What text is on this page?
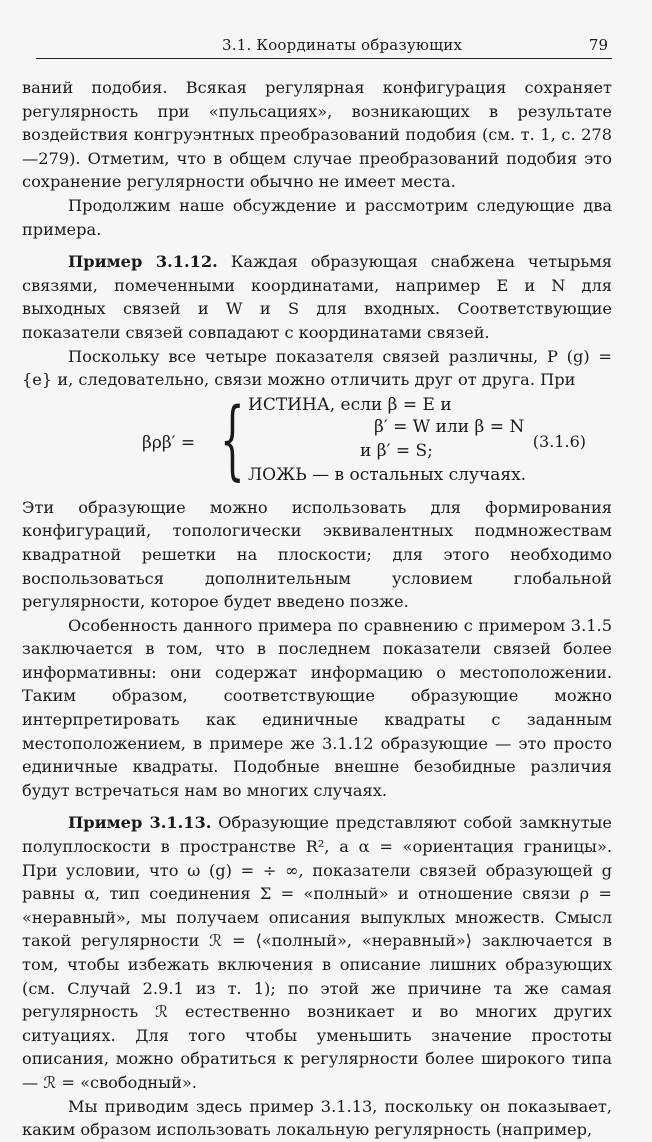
3.1. Координаты образующих	79

ваний подобия. Всякая регулярная конфигурация сохраняет регулярность при «пульсациях», возникающих в результате воздействия конгруэнтных преобразований подобия (см. т. 1, с. 278—279). Отметим, что в общем случае преобразований подобия это сохранение регулярности обычно не имеет места.

Продолжим наше обсуждение и рассмотрим следующие два примера.

Пример 3.1.12. Каждая образующая снабжена четырьмя связями, помеченными координатами, например E и N для выходных связей и W и S для входных. Соответствующие показатели связей совпадают с координатами связей.

Поскольку все четыре показателя связей различны, P (g) = {e} и, следовательно, связи можно отличить друг от друга. При

βρβ′ = { ИСТИНА, если β = E и
β′ = W или β = N
и β′ = S;
ЛОЖЬ — в остальных случаях.
(3.1.6)

Эти образующие можно использовать для формирования конфигураций, топологически эквивалентных подмножествам квадратной решетки на плоскости; для этого необходимо воспользоваться дополнительным условием глобальной регулярности, которое будет введено позже.

Особенность данного примера по сравнению с примером 3.1.5 заключается в том, что в последнем показатели связей более информативны: они содержат информацию о местоположении. Таким образом, соответствующие образующие можно интерпретировать как единичные квадраты с заданным местоположением, в примере же 3.1.12 образующие — это просто единичные квадраты. Подобные внешне безобидные различия будут встречаться нам во многих случаях.

Пример 3.1.13. Образующие представляют собой замкнутые полуплоскости в пространстве R², а α = «ориентация границы». При условии, что ω (g) = ÷ ∞, показатели связей образующей g равны α, тип соединения Σ = «полный» и отношение связи ρ = «неравный», мы получаем описания выпуклых множеств. Смысл такой регулярности ℛ = ⟨«полный», «неравный»⟩ заключается в том, чтобы избежать включения в описание лишних образующих (см. Случай 2.9.1 из т. 1); по этой же причине та же самая регулярность ℛ естественно возникает и во многих других ситуациях. Для того чтобы уменьшить значение простоты описания, можно обратиться к регулярности более широкого типа — ℛ = «свободный».

Мы приводим здесь пример 3.1.13, поскольку он показывает, каким образом использовать локальную регулярность (например,
